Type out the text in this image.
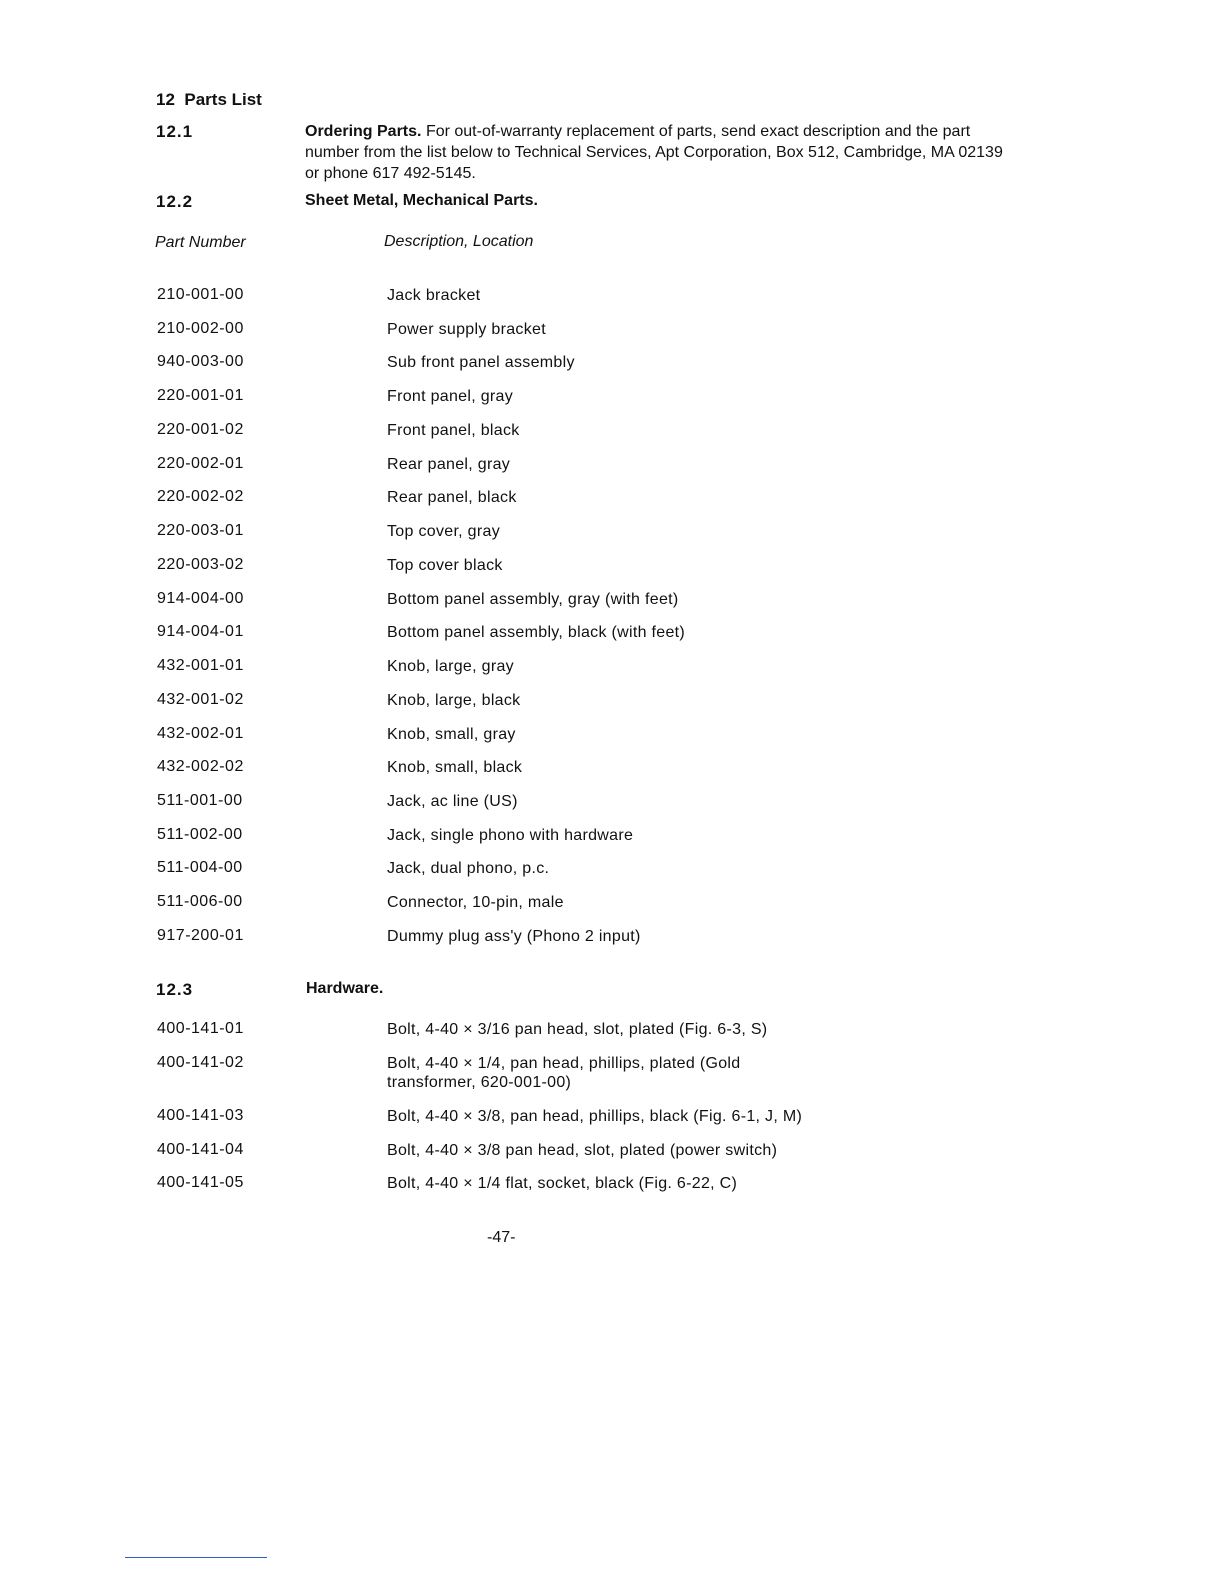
12 Parts List
12.1	Ordering Parts. For out-of-warranty replacement of parts, send exact description and the part number from the list below to Technical Services, Apt Corporation, Box 512, Cambridge, MA 02139 or phone 617 492-5145.
12.2	Sheet Metal, Mechanical Parts.
Part Number	Description, Location
210-001-00	Jack bracket
210-002-00	Power supply bracket
940-003-00	Sub front panel assembly
220-001-01	Front panel, gray
220-001-02	Front panel, black
220-002-01	Rear panel, gray
220-002-02	Rear panel, black
220-003-01	Top cover, gray
220-003-02	Top cover black
914-004-00	Bottom panel assembly, gray (with feet)
914-004-01	Bottom panel assembly, black (with feet)
432-001-01	Knob, large, gray
432-001-02	Knob, large, black
432-002-01	Knob, small, gray
432-002-02	Knob, small, black
511-001-00	Jack, ac line (US)
511-002-00	Jack, single phono with hardware
511-004-00	Jack, dual phono, p.c.
511-006-00	Connector, 10-pin, male
917-200-01	Dummy plug ass'y (Phono 2 input)
12.3	Hardware.
400-141-01	Bolt, 4-40 × 3/16 pan head, slot, plated (Fig. 6-3, S)
400-141-02	Bolt, 4-40 × 1/4, pan head, phillips, plated (Gold transformer, 620-001-00)
400-141-03	Bolt, 4-40 × 3/8, pan head, phillips, black (Fig. 6-1, J, M)
400-141-04	Bolt, 4-40 × 3/8 pan head, slot, plated (power switch)
400-141-05	Bolt, 4-40 × 1/4 flat, socket, black (Fig. 6-22, C)
-47-
